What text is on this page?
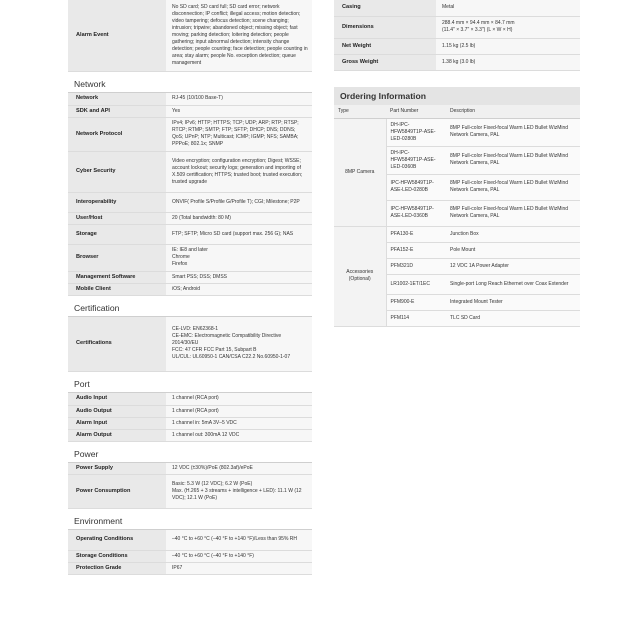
Alarm Event	No SD card; SD card full; SD card error; network disconnection; IP conflict; illegal access; motion detection; video tampering; defocus detection; scene changing; intrusion; tripwire; abandoned object; missing object; fast moving; parking detection; loitering detection; people gathering; input abnormal detection; intensity change detection; people counting; face detection; people counting in area; stay alarm; people No. exception detection; queue management
Network
Network	RJ-45 (10/100 Base-T)
SDK and API	Yes
Network Protocol	IPv4; IPv6; HTTP; HTTPS; TCP; UDP; ARP; RTP; RTSP; RTCP; RTMP; SMTP; FTP; SFTP; DHCP; DNS; DDNS; QoS; UPnP; NTP; Multicast; ICMP; IGMP; NFS; SAMBA; PPPoE; 802.1x; SNMP
Cyber Security	Video encryption; configuration encryption; Digest; WSSE; account lockout; security logs; generation and importing of X.509 certification; HTTPS; trusted boot; trusted execution; trusted upgrade
Interoperability	ONVIF( Profile S/Profile G/Profile T); CGI; Milestone; P2P
User/Host	20 (Total bandwidth: 80 M)
Storage	FTP; SFTP; Micro SD card (support max. 256 G); NAS
Browser	IE: IE8 and later
Chrome
Firefox
Management Software	Smart PSS; DSS; DMSS
Mobile Client	iOS; Android
Certification
Certifications	CE-LVD: EN62368-1
CE-EMC: Electromagnetic Compatibility Directive 2014/30/EU
FCC: 47 CFR FCC Part 15, Subpart B
UL/CUL: UL60950-1 CAN/CSA C22.2 No.60950-1-07
Port
Audio Input	1 channel (RCA port)
Audio Output	1 channel (RCA port)
Alarm Input	1 channel in: 5mA 3V–5 VDC
Alarm Output	1 channel out: 300mA 12 VDC
Power
Power Supply	12 VDC (±30%)/PoE (802.3af)/ePoE
Power Consumption	Basic: 5.3 W (12 VDC); 6.2 W (PoE)
Max. (H.265 + 3 streams + intelligence + LED): 11.1 W (12 VDC); 12.1 W (PoE)
Environment
Operating Conditions	–40 °C to +60 °C (–40 °F to +140 °F)/Less than 95% RH
Storage Conditions	–40 °C to +60 °C (–40 °F to +140 °F)
Protection Grade	IP67
Casing	Metal
Dimensions	288.4 mm × 94.4 mm × 84.7 mm
(11.4" × 3.7" × 3.3") (L × W × H)
Net Weight	1.15 kg (2.5 lb)
Gross Weight	1.38 kg (3.0 lb)
Ordering Information
Type	Part Number	Description
8MP Camera	DH-IPC-HFW5849T1P-ASE-LED-0280B	8MP Full-color Fixed-focal Warm LED Bullet WizMind Network Camera, PAL
	DH-IPC-HFW5849T1P-ASE-LED-0360B	8MP Full-color Fixed-focal Warm LED Bullet WizMind Network Camera, PAL
	IPC-HFW5849T1P-ASE-LED-0280B	8MP Full-color Fixed-focal Warm LED Bullet WizMind Network Camera, PAL
	IPC-HFW5849T1P-ASE-LED-0360B	8MP Full-color Fixed-focal Warm LED Bullet WizMind Network Camera, PAL
Accessories
(Optional)	PFA130-E	Junction Box
	PFA152-E	Pole Mount
	PFM321D	12 VDC 1A Power Adapter
	LR1002-1ET/1EC	Single-port Long Reach Ethernet over Coax Extender
	PFM900-E	Integrated Mount Tester
	PFM114	TLC SD Card
